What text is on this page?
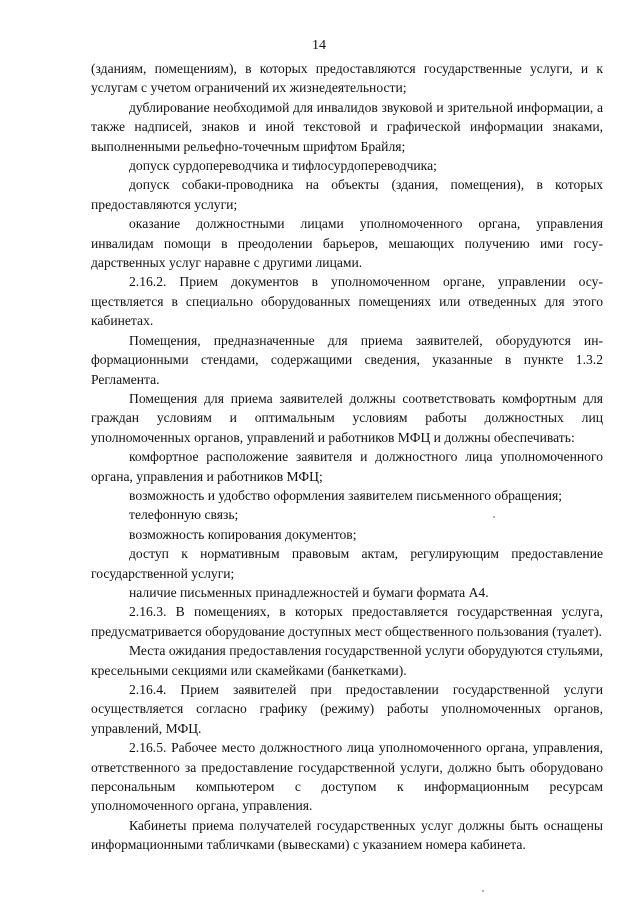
14

(зданиям, помещениям), в которых предоставляются государственные услуги, и к услугам с учетом ограничений их жизнедеятельности;

дублирование необходимой для инвалидов звуковой и зрительной информации, а также надписей, знаков и иной текстовой и графической информации знаками, выполненными рельефно-точечным шрифтом Брайля;

допуск сурдопереводчика и тифлосурдопереводчика;

допуск собаки-проводника на объекты (здания, помещения), в которых предоставляются услуги;

оказание должностными лицами уполномоченного органа, управления инвалидам помощи в преодолении барьеров, мешающих получению ими государственных услуг наравне с другими лицами.

2.16.2. Прием документов в уполномоченном органе, управлении осуществляется в специально оборудованных помещениях или отведенных для этого кабинетах.

Помещения, предназначенные для приема заявителей, оборудуются информационными стендами, содержащими сведения, указанные в пункте 1.3.2 Регламента.

Помещения для приема заявителей должны соответствовать комфортным для граждан условиям и оптимальным условиям работы должностных лиц уполномоченных органов, управлений и работников МФЦ и должны обеспечивать:

комфортное расположение заявителя и должностного лица уполномоченного органа, управления и работников МФЦ;

возможность и удобство оформления заявителем письменного обращения;

телефонную связь;

возможность копирования документов;

доступ к нормативным правовым актам, регулирующим предоставление государственной услуги;

наличие письменных принадлежностей и бумаги формата А4.

2.16.3. В помещениях, в которых предоставляется государственная услуга, предусматривается оборудование доступных мест общественного пользования (туалет).

Места ожидания предоставления государственной услуги оборудуются стульями, кресельными секциями или скамейками (банкетками).

2.16.4. Прием заявителей при предоставлении государственной услуги осуществляется согласно графику (режиму) работы уполномоченных органов, управлений, МФЦ.

2.16.5. Рабочее место должностного лица уполномоченного органа, управления, ответственного за предоставление государственной услуги, должно быть оборудовано персональным компьютером с доступом к информационным ресурсам уполномоченного органа, управления.

Кабинеты приема получателей государственных услуг должны быть оснащены информационными табличками (вывесками) с указанием номера кабинета.
